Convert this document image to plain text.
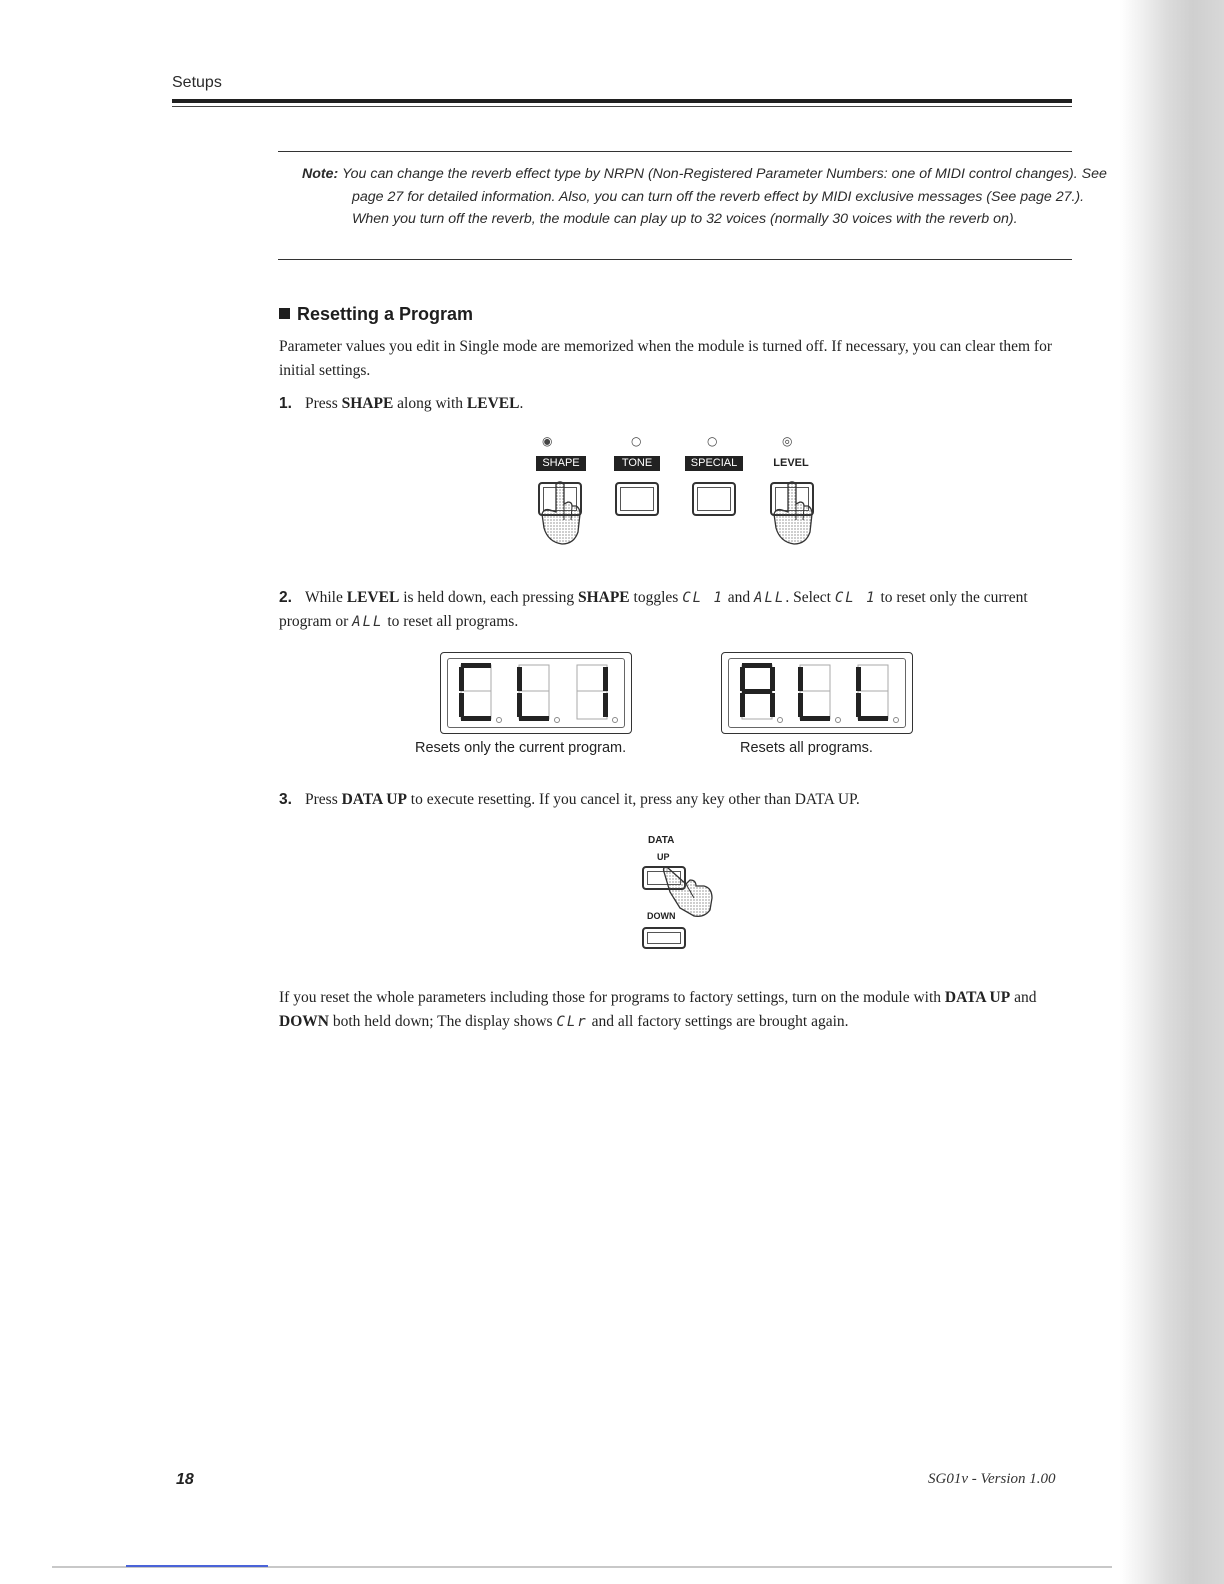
Setups
Note: You can change the reverb effect type by NRPN (Non-Registered Parameter Numbers: one of MIDI control changes). See page 27 for detailed information. Also, you can turn off the reverb effect by MIDI exclusive messages (See page 27.). When you turn off the reverb, the module can play up to 32 voices (normally 30 voices with the reverb on).
Resetting a Program
Parameter values you edit in Single mode are memorized when the module is turned off. If necessary, you can clear them for initial settings.
1. Press SHAPE along with LEVEL.
◉	○	○	◎
SHAPE	TONE	SPECIAL	LEVEL
2. While LEVEL is held down, each pressing SHAPE toggles CL 1 and ALL. Select CL 1 to reset only the current program or ALL to reset all programs.
Resets only the current program.	Resets all programs.
3. Press DATA UP to execute resetting. If you cancel it, press any key other than DATA UP.
DATA
UP
DOWN
If you reset the whole parameters including those for programs to factory settings, turn on the module with DATA UP and DOWN both held down; The display shows CLr and all factory settings are brought again.
18	SG01v - Version 1.00
